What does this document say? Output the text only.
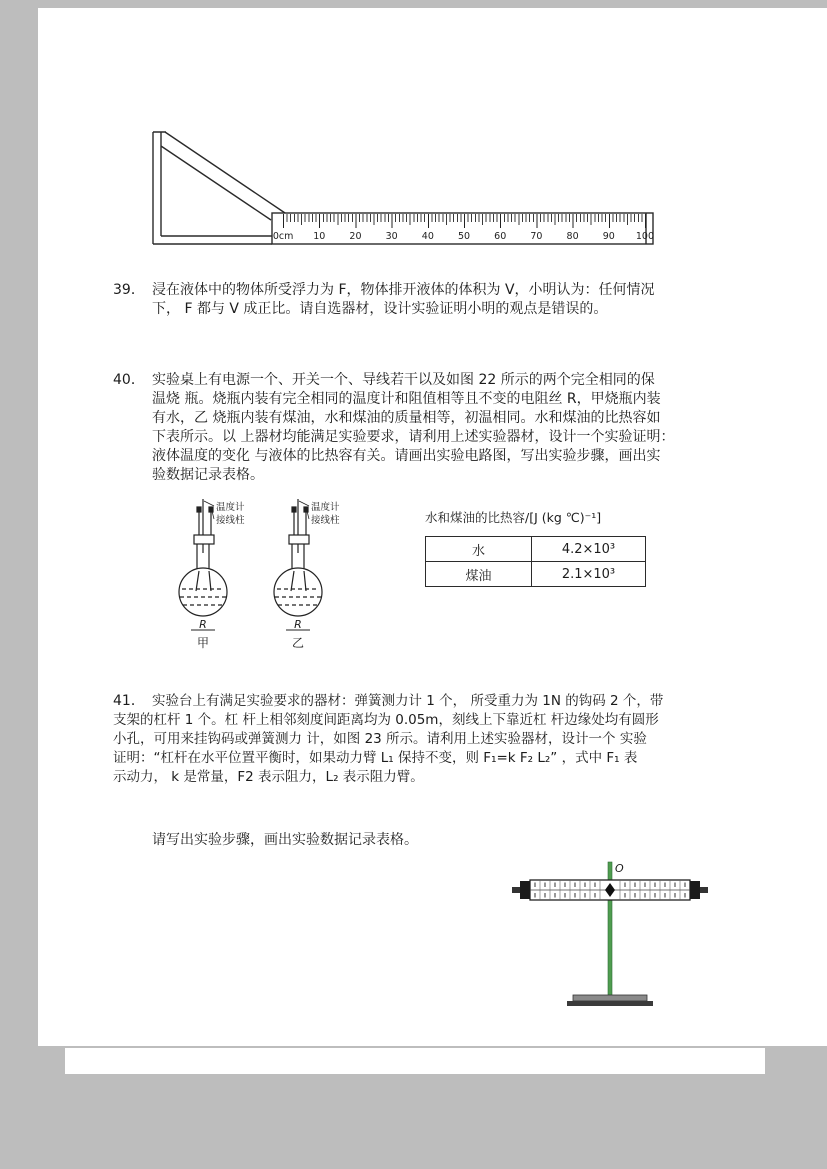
0cm	10	20	30	40	50	60	70	80	90	100
39． 浸在液体中的物体所受浮力为 F，物体排开液体的体积为 V，小明认为：任何情况
下， F 都与 V 成正比。请自选器材，设计实验证明小明的观点是错误的。
40． 实验桌上有电源一个、开关一个、导线若干以及如图 22 所示的两个完全相同的保
温烧 瓶。烧瓶内装有完全相同的温度计和阻值相等且不变的电阻丝 R，甲烧瓶内装
有水，乙 烧瓶内装有煤油，水和煤油的质量相等，初温相同。水和煤油的比热容如
下表所示。以 上器材均能满足实验要求，请利用上述实验器材，设计一个实验证明：
液体温度的变化 与液体的比热容有关。请画出实验电路图，写出实验步骤，画出实
验数据记录表格。
温度计
接线柱
R
甲
温度计
接线柱
R
乙
水和煤油的比热容/[J (kg ℃)⁻¹]
水	4.2×10³
煤油	2.1×10³
41． 实验台上有满足实验要求的器材：弹簧测力计 1 个， 所受重力为 1N 的钩码 2 个，带
支架的杠杆 1 个。杠 杆上相邻刻度间距离均为 0.05m，刻线上下靠近杠 杆边缘处均有圆形
小孔，可用来挂钩码或弹簧测力 计，如图 23 所示。请利用上述实验器材，设计一个 实验
证明：“杠杆在水平位置平衡时，如果动力臂 L₁ 保持不变，则 F₁=k F₂ L₂” ，式中 F₁ 表
示动力， k 是常量，F2 表示阻力，L₂ 表示阻力臂。
请写出实验步骤，画出实验数据记录表格。
O
